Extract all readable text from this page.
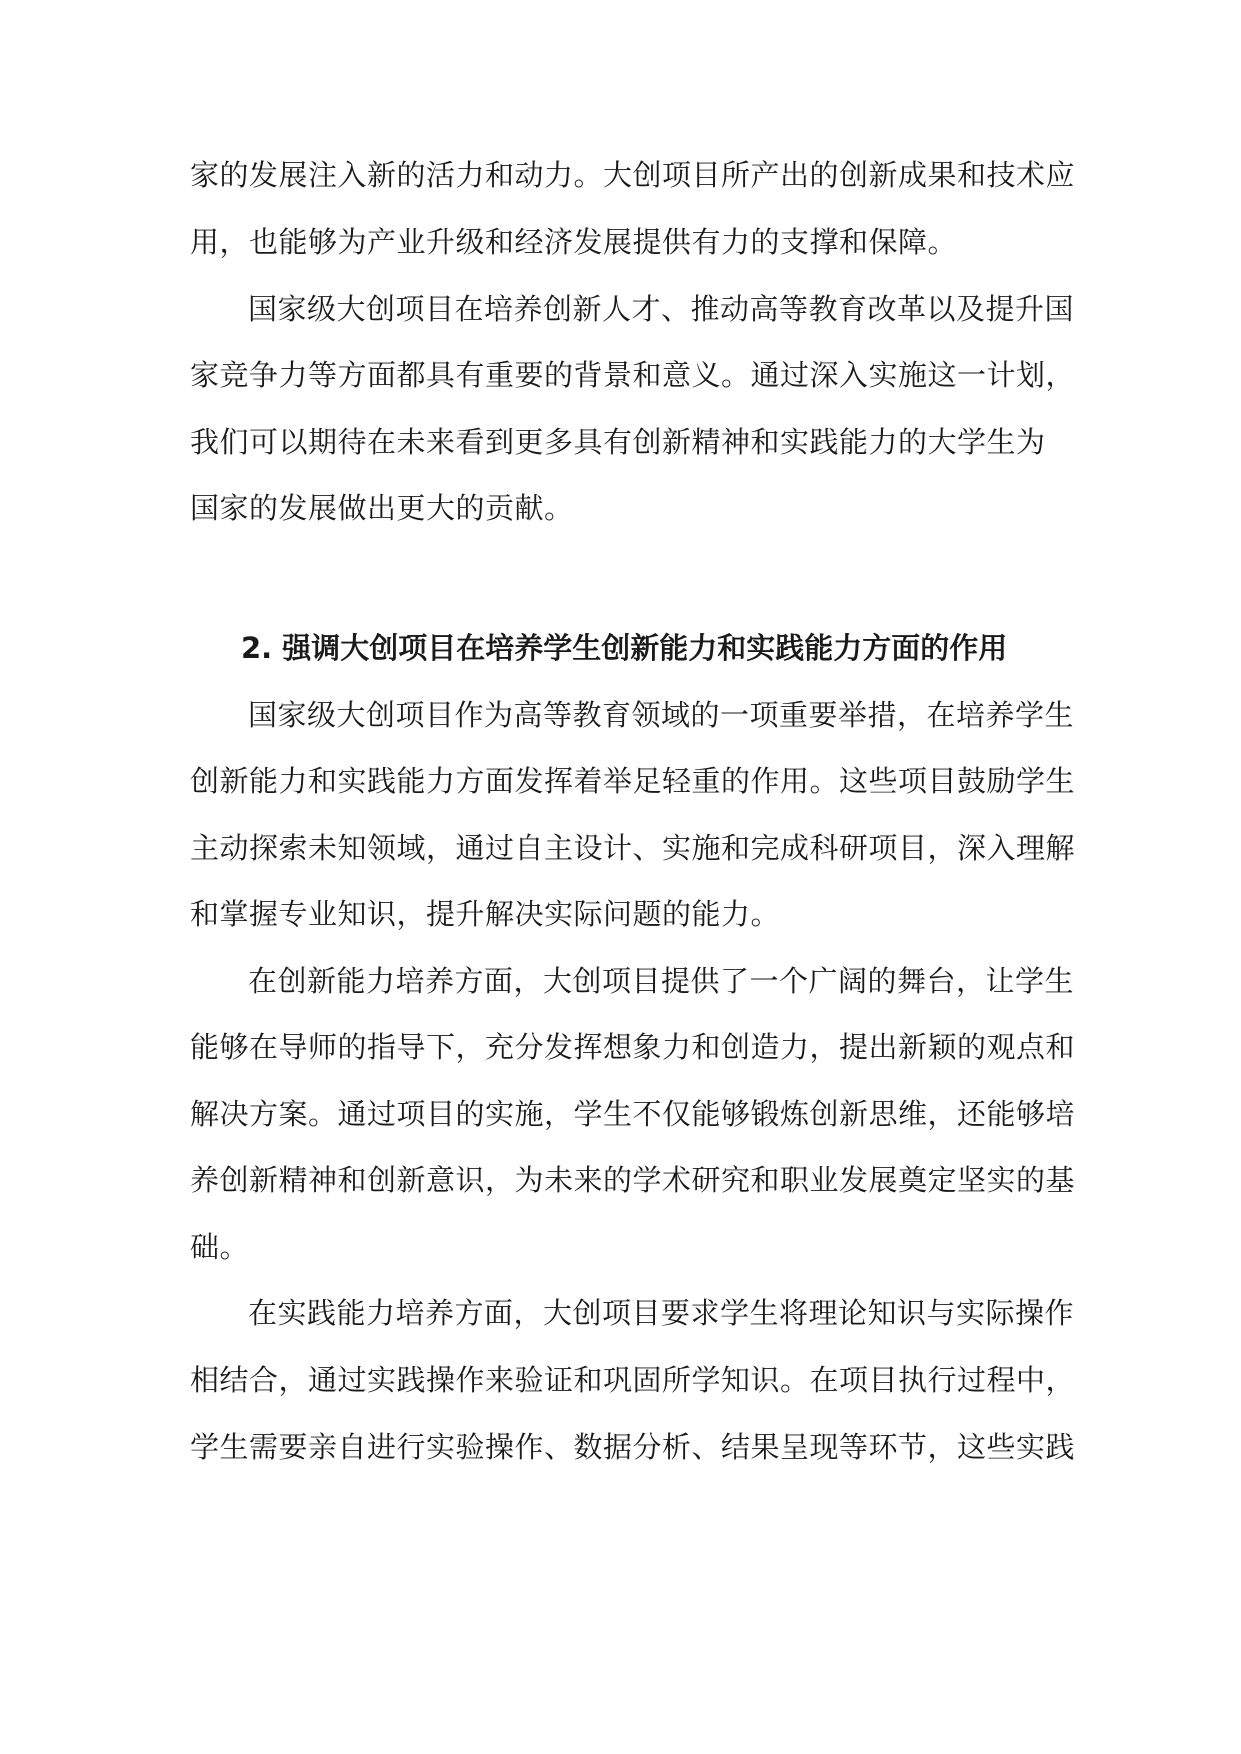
家的发展注入新的活力和动力。大创项目所产出的创新成果和技术应
用，也能够为产业升级和经济发展提供有力的支撑和保障。
国家级大创项目在培养创新人才、推动高等教育改革以及提升国
家竞争力等方面都具有重要的背景和意义。通过深入实施这一计划，
我们可以期待在未来看到更多具有创新精神和实践能力的大学生为
国家的发展做出更大的贡献。
2. 强调大创项目在培养学生创新能力和实践能力方面的作用
国家级大创项目作为高等教育领域的一项重要举措，在培养学生
创新能力和实践能力方面发挥着举足轻重的作用。这些项目鼓励学生
主动探索未知领域，通过自主设计、实施和完成科研项目，深入理解
和掌握专业知识，提升解决实际问题的能力。
在创新能力培养方面，大创项目提供了一个广阔的舞台，让学生
能够在导师的指导下，充分发挥想象力和创造力，提出新颖的观点和
解决方案。通过项目的实施，学生不仅能够锻炼创新思维，还能够培
养创新精神和创新意识，为未来的学术研究和职业发展奠定坚实的基
础。
在实践能力培养方面，大创项目要求学生将理论知识与实际操作
相结合，通过实践操作来验证和巩固所学知识。在项目执行过程中，
学生需要亲自进行实验操作、数据分析、结果呈现等环节，这些实践
